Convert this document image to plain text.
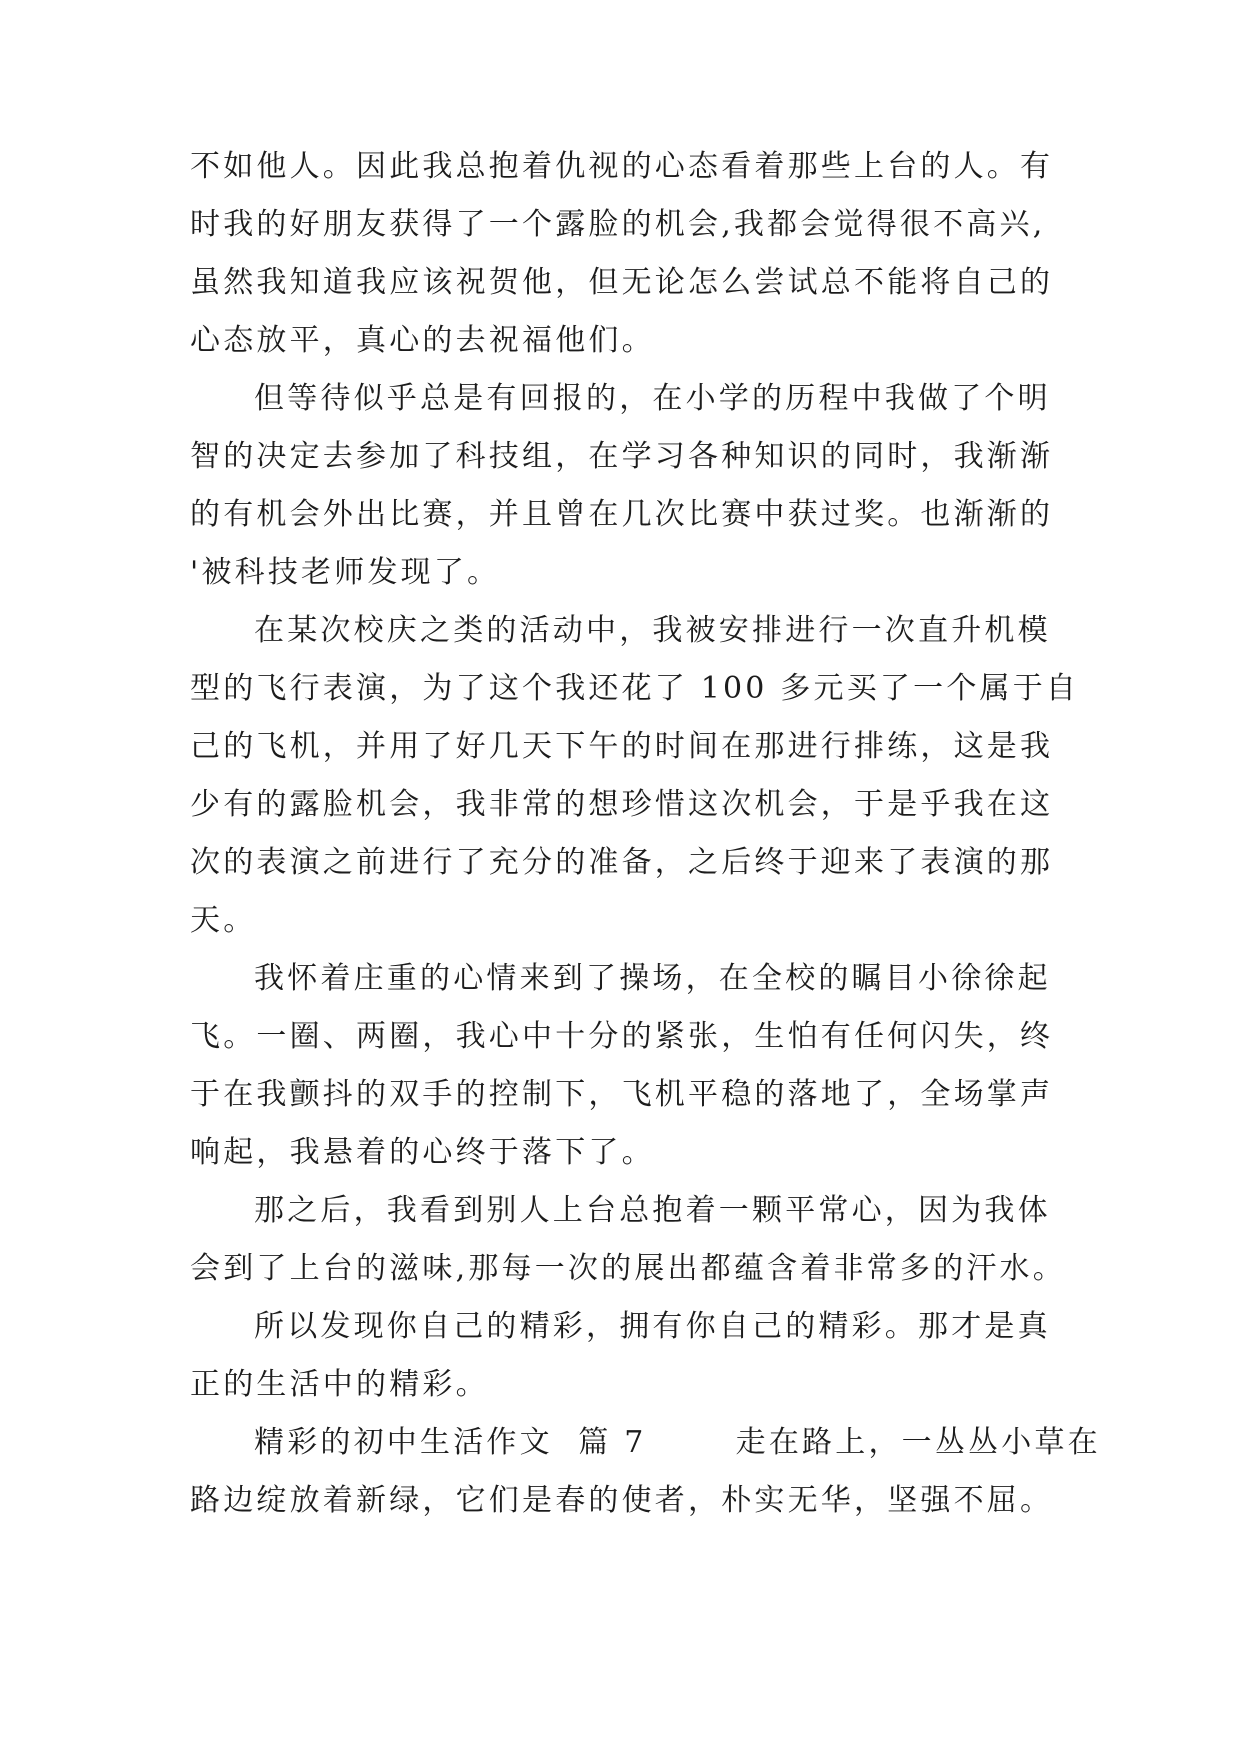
不如他人。因此我总抱着仇视的心态看着那些上台的人。有
时我的好朋友获得了一个露脸的机会,我都会觉得很不高兴,
虽然我知道我应该祝贺他，但无论怎么尝试总不能将自己的
心态放平，真心的去祝福他们。
但等待似乎总是有回报的，在小学的历程中我做了个明
智的决定去参加了科技组，在学习各种知识的同时，我渐渐
的有机会外出比赛，并且曾在几次比赛中获过奖。也渐渐的
'被科技老师发现了。
在某次校庆之类的活动中，我被安排进行一次直升机模
型的飞行表演，为了这个我还花了 100 多元买了一个属于自
己的飞机，并用了好几天下午的时间在那进行排练，这是我
少有的露脸机会，我非常的想珍惜这次机会，于是乎我在这
次的表演之前进行了充分的准备，之后终于迎来了表演的那
天。
我怀着庄重的心情来到了操场，在全校的瞩目小徐徐起
飞。一圈、两圈，我心中十分的紧张，生怕有任何闪失，终
于在我颤抖的双手的控制下，飞机平稳的落地了，全场掌声
响起，我悬着的心终于落下了。
那之后，我看到别人上台总抱着一颗平常心，因为我体
会到了上台的滋味,那每一次的展出都蕴含着非常多的汗水。
所以发现你自己的精彩，拥有你自己的精彩。那才是真
正的生活中的精彩。
精彩的初中生活作文  篇 7       走在路上，一丛丛小草在
路边绽放着新绿，它们是春的使者，朴实无华，坚强不屈。
